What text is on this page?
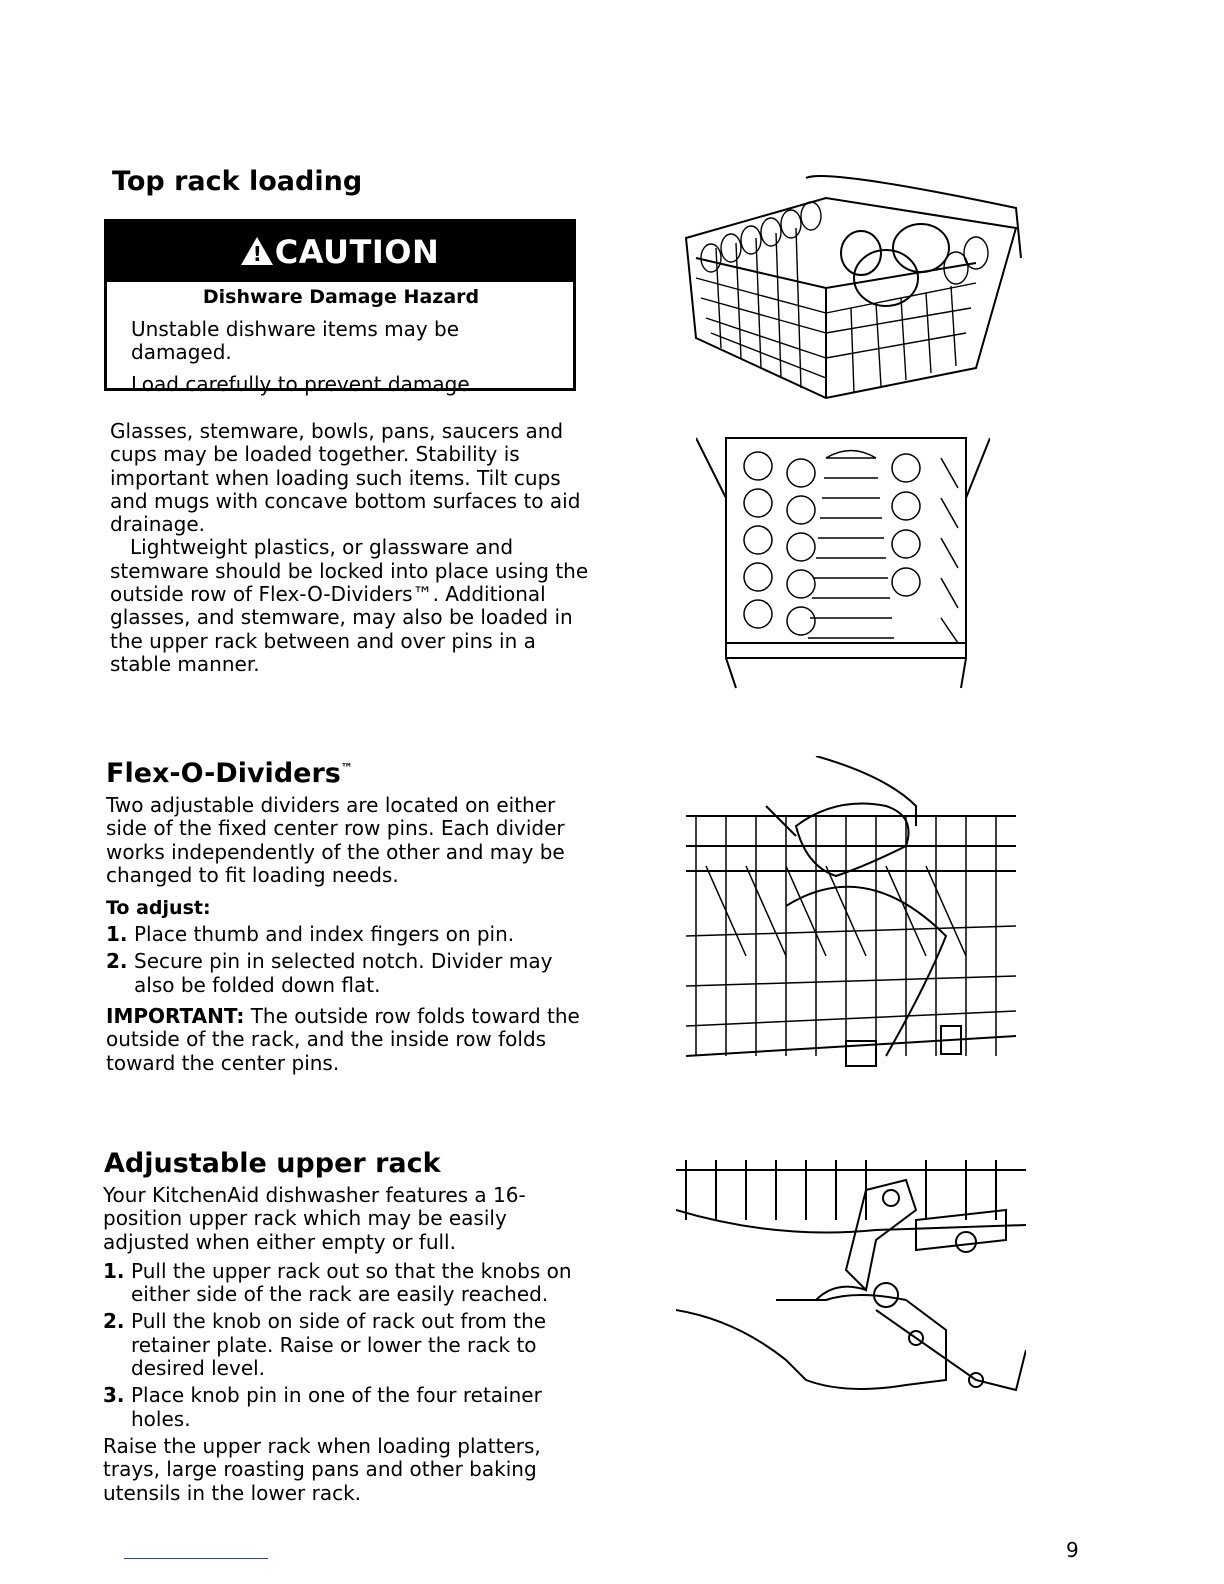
Top rack loading
! CAUTION

Dishware Damage Hazard

Unstable dishware items may be damaged.

Load carefully to prevent damage.

Glasses, stemware, bowls, pans, saucers and cups may be loaded together. Stability is important when loading such items. Tilt cups and mugs with concave bottom surfaces to aid drainage.

Lightweight plastics, or glassware and stemware should be locked into place using the outside row of Flex-O-Dividers™. Additional glasses, and stemware, may also be loaded in the upper rack between and over pins in a stable manner.

Flex-O-Dividers™

Two adjustable dividers are located on either side of the fixed center row pins. Each divider works independently of the other and may be changed to fit loading needs.

To adjust:

1. Place thumb and index fingers on pin.
2. Secure pin in selected notch. Divider may also be folded down flat.

IMPORTANT: The outside row folds toward the outside of the rack, and the inside row folds toward the center pins.

Adjustable upper rack

Your KitchenAid dishwasher features a 16-position upper rack which may be easily adjusted when either empty or full.

1. Pull the upper rack out so that the knobs on either side of the rack are easily reached.
2. Pull the knob on side of rack out from the retainer plate. Raise or lower the rack to desired level.
3. Place knob pin in one of the four retainer holes.

Raise the upper rack when loading platters, trays, large roasting pans and other baking utensils in the lower rack.

9
